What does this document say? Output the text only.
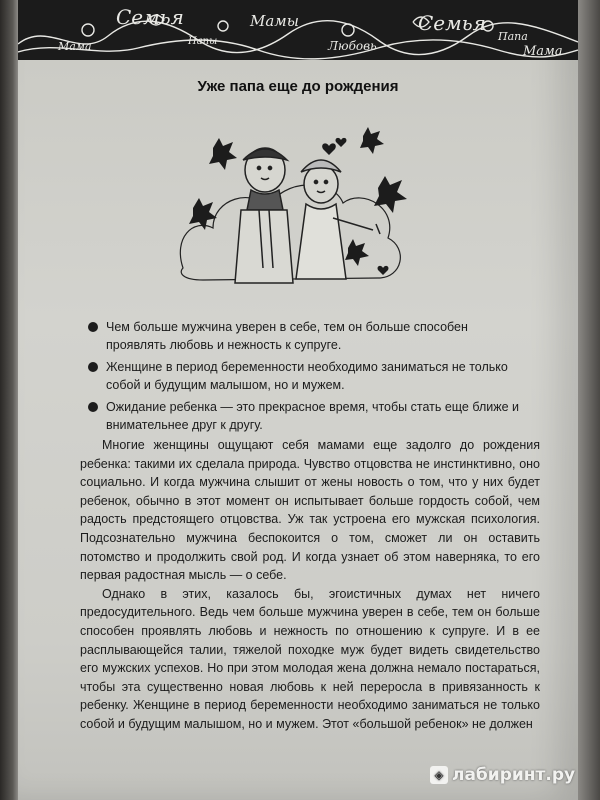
Семья	Мамы
Папы
Мама	Любовь
Семья
Папа
Мама
Уже папа еще до рождения
Чем больше мужчина уверен в себе, тем он больше способен проявлять любовь и нежность к супруге.
Женщине в период беременности необходимо заниматься не только собой и будущим малышом, но и мужем.
Ожидание ребенка — это прекрасное время, чтобы стать еще ближе и внимательнее друг к другу.

Многие женщины ощущают себя мамами еще задолго до рождения ребенка: такими их сделала природа. Чувство отцовства не инстинктивно, оно социально. И когда мужчина слышит от жены новость о том, что у них будет ребенок, обычно в этот момент он испытывает больше гордость собой, чем радость предстоящего отцовства. Уж так устроена его мужская психология. Подсознательно мужчина беспокоится о том, сможет ли он оставить потомство и продолжить свой род. И когда узнает об этом наверняка, то его первая радостная мысль — о себе.

Однако в этих, казалось бы, эгоистичных думах нет ничего предосудительного. Ведь чем больше мужчина уверен в себе, тем он больше способен проявлять любовь и нежность по отношению к супруге. И в ее расплывающейся талии, тяжелой походке муж будет видеть свидетельство его мужских успехов. Но при этом молодая жена должна немало постараться, чтобы эта существенно новая любовь к ней переросла в привязанность к ребенку. Женщине в период беременности необходимо заниматься не только собой и будущим малышом, но и мужем. Этот «большой ребенок» не должен

◈ лабиринт.ру
